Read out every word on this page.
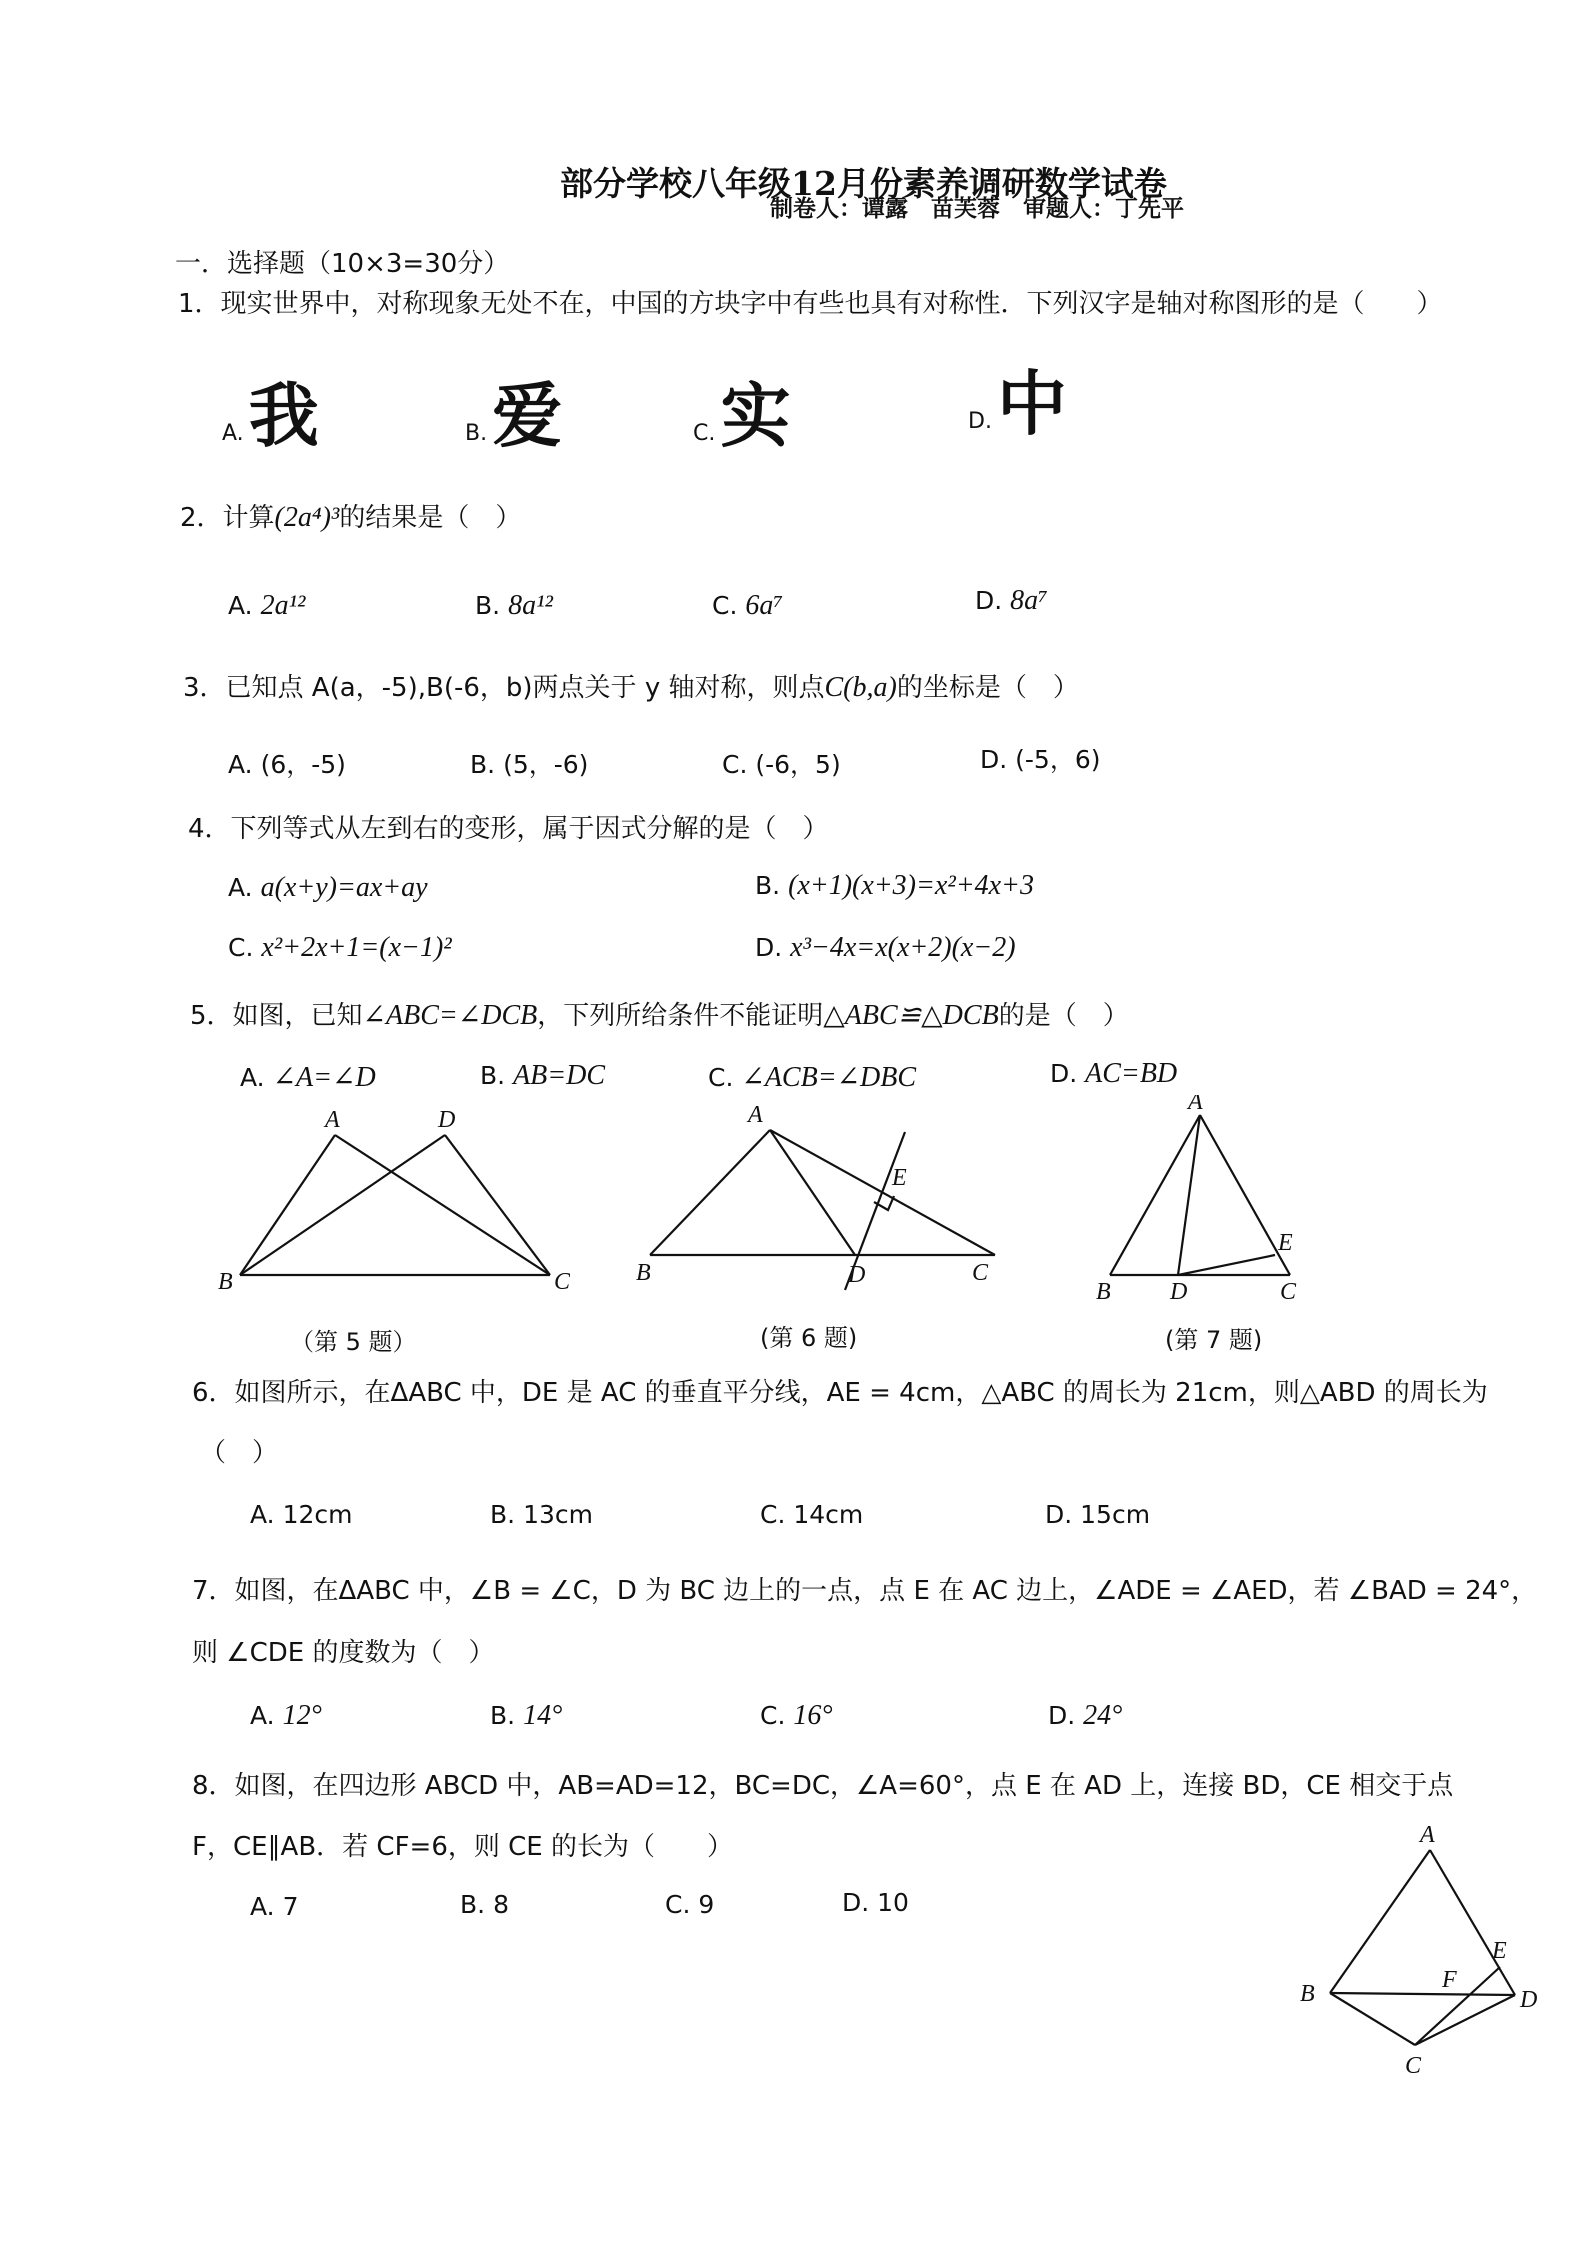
部分学校八年级12月份素养调研数学试卷
制卷人：谭露　苗芙蓉　审题人：丁先平
一．选择题（10×3=30分）
1．现实世界中，对称现象无处不在，中国的方块字中有些也具有对称性．下列汉字是轴对称图形的是（　　）
A. 我	B. 爱	C. 实	D. 中
2．计算(2a⁴)³的结果是（　）
A. 2a¹²	B. 8a¹²	C. 6a⁷	D. 8a⁷
3．已知点 A(a，-5),B(-6，b)两点关于 y 轴对称，则点C(b,a)的坐标是（　）
A. (6，-5)	B. (5，-6)	C. (-6，5)	D. (-5，6)
4．下列等式从左到右的变形，属于因式分解的是（　）
A. a(x+y)=ax+ay	B. (x+1)(x+3)=x²+4x+3
C. x²+2x+1=(x−1)²	D. x³−4x=x(x+2)(x−2)
5．如图，已知∠ABC=∠DCB，下列所给条件不能证明△ABC≌△DCB的是（　）
A. ∠A=∠D	B. AB=DC	C. ∠ACB=∠DBC	D. AC=BD
A	D
B	C
（第 5 题）
A
E
B	D	C
(第 6 题)
A
E
B D	C
(第 7 题)
6．如图所示，在ΔABC 中，DE 是 AC 的垂直平分线，AE = 4cm，△ABC 的周长为 21cm，则△ABD 的周长为
（　）
A. 12cm	B. 13cm	C. 14cm	D. 15cm
7．如图，在ΔABC 中，∠B = ∠C，D 为 BC 边上的一点，点 E 在 AC 边上，∠ADE = ∠AED，若 ∠BAD = 24°，
则 ∠CDE 的度数为（　）
A. 12°	B. 14°	C. 16°	D. 24°
8．如图，在四边形 ABCD 中，AB=AD=12，BC=DC，∠A=60°，点 E 在 AD 上，连接 BD，CE 相交于点
F，CE∥AB．若 CF=6，则 CE 的长为（　　）
A. 7	B. 8	C. 9	D. 10
A
E
B
F
D
C
